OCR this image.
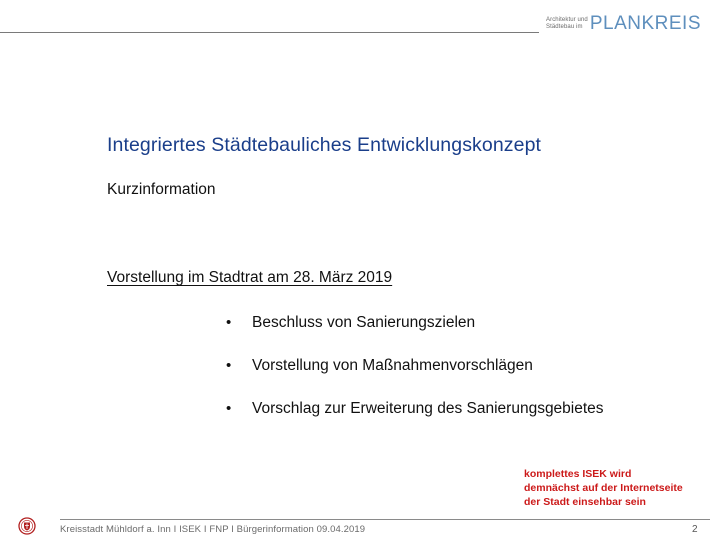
Architektur und
Städtebau im PLANKREIS
Integriertes Städtebauliches Entwicklungskonzept
Kurzinformation
Vorstellung im Stadtrat am 28. März 2019
•	Beschluss von Sanierungszielen
•	Vorstellung von Maßnahmenvorschlägen
•	Vorschlag zur Erweiterung des Sanierungsgebietes
komplettes ISEK wird
demnächst auf der Internetseite
der Stadt einsehbar sein
Kreisstadt Mühldorf a. Inn I ISEK I FNP I Bürgerinformation 09.04.2019	2
